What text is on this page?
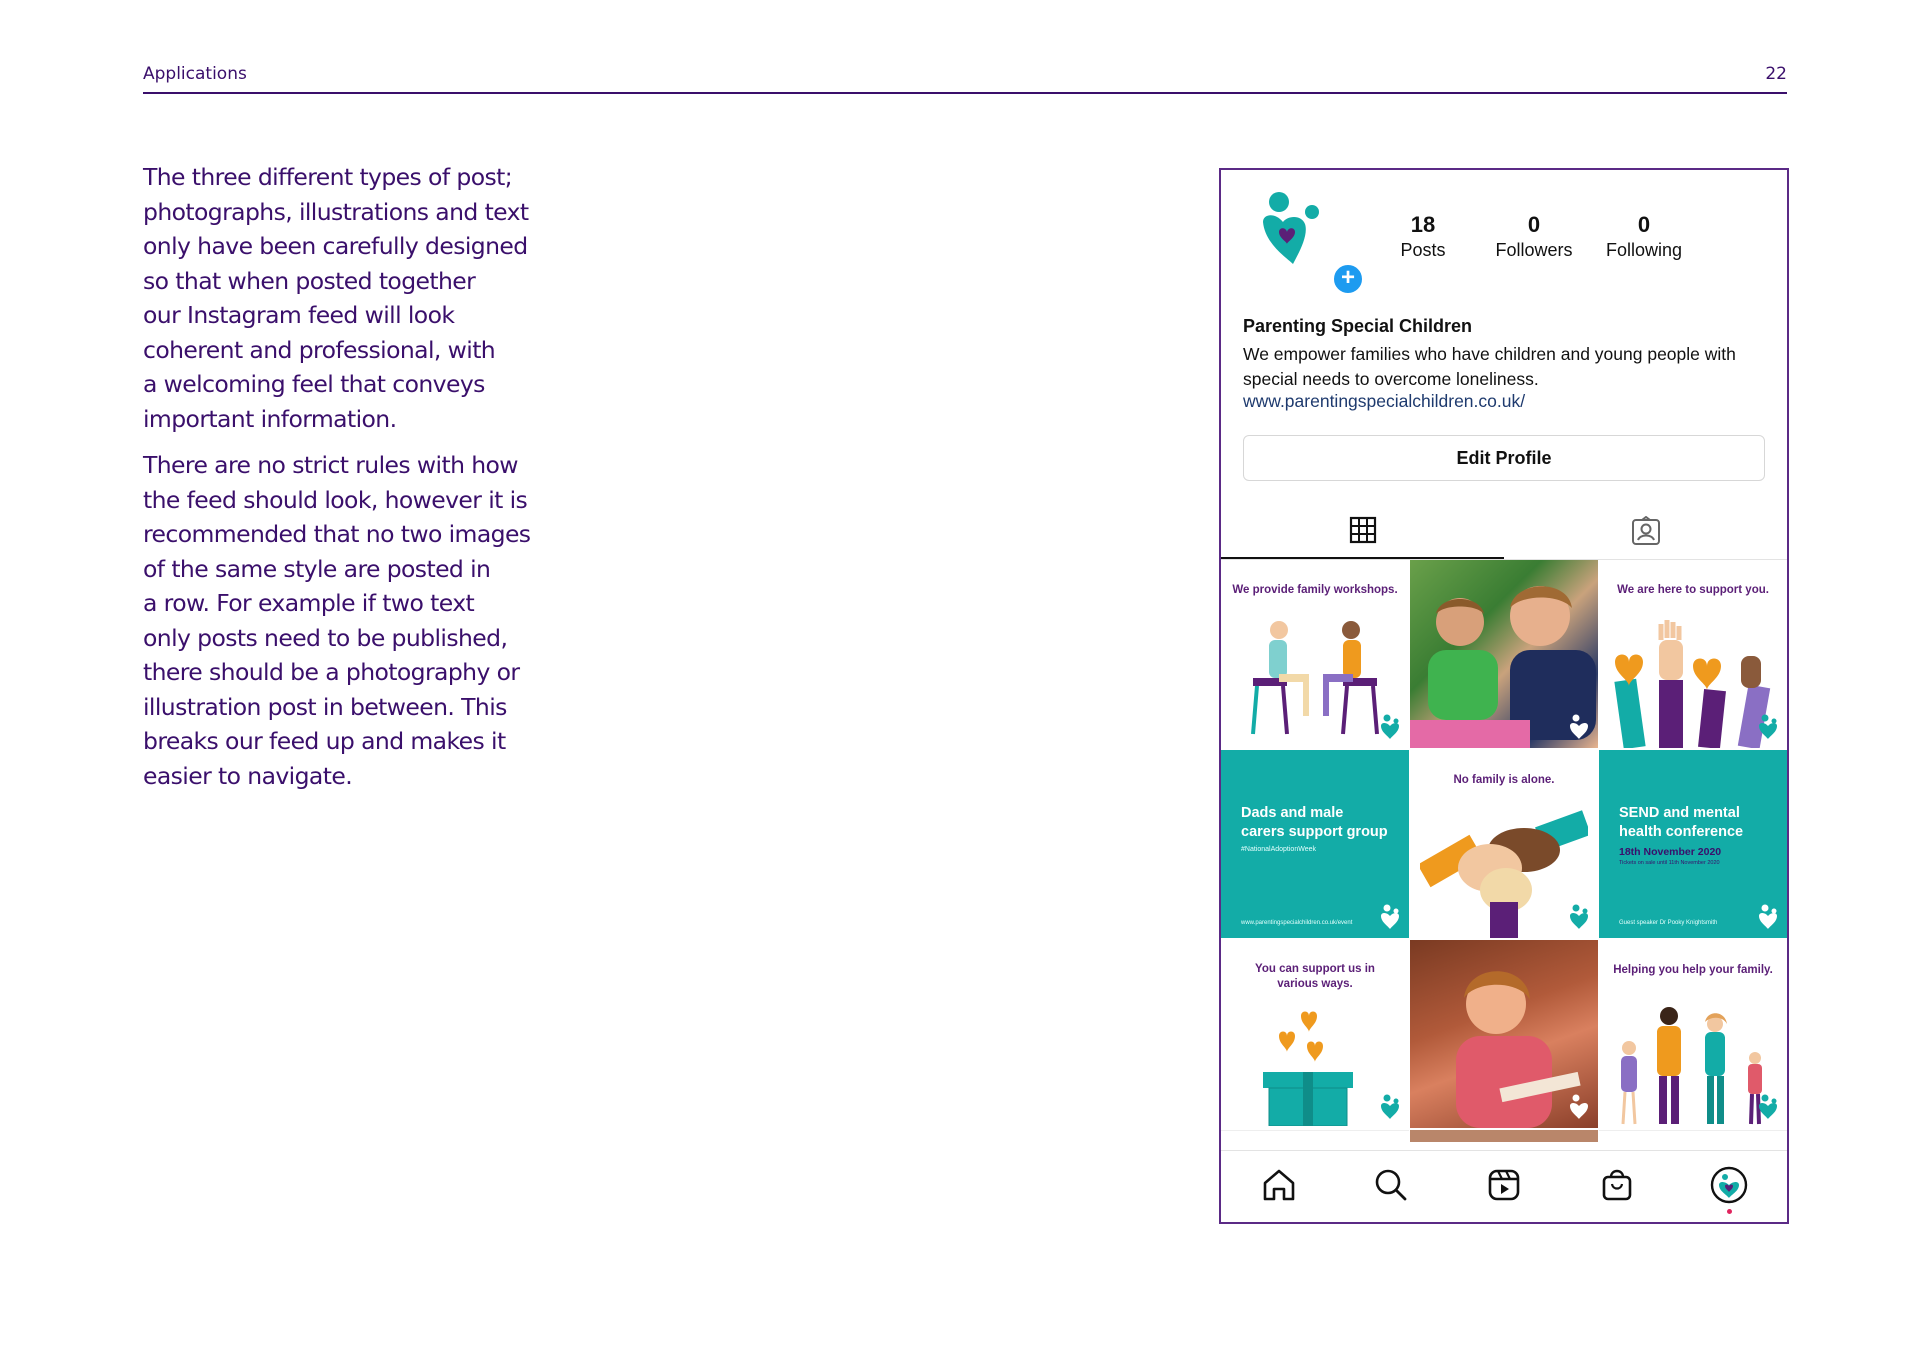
Applications	22

The three different types of post;
photographs, illustrations and text
only have been carefully designed
so that when posted together
our Instagram feed will look
coherent and professional, with
a welcoming feel that conveys
important information.

There are no strict rules with how
the feed should look, however it is
recommended that no two images
of the same style are posted in
a row. For example if two text
only posts need to be published,
there should be a photography or
illustration post in between. This
breaks our feed up and makes it
easier to navigate.

+
18
Posts
0
Followers
0
Following
Parenting Special Children
We empower families who have children and young people with special needs to overcome loneliness.
www.parentingspecialchildren.co.uk/
Edit Profile
We provide family workshops.	We are here to support you.
Dads and male
carers support group
#NationalAdoptionWeek
www.parentingspecialchildren.co.uk/event
No family is alone.
SEND and mental
health conference
18th November 2020
Tickets on sale until 11th November 2020
Guest speaker Dr Pooky Knightsmith
You can support us in
various ways.
Helping you help your family.
